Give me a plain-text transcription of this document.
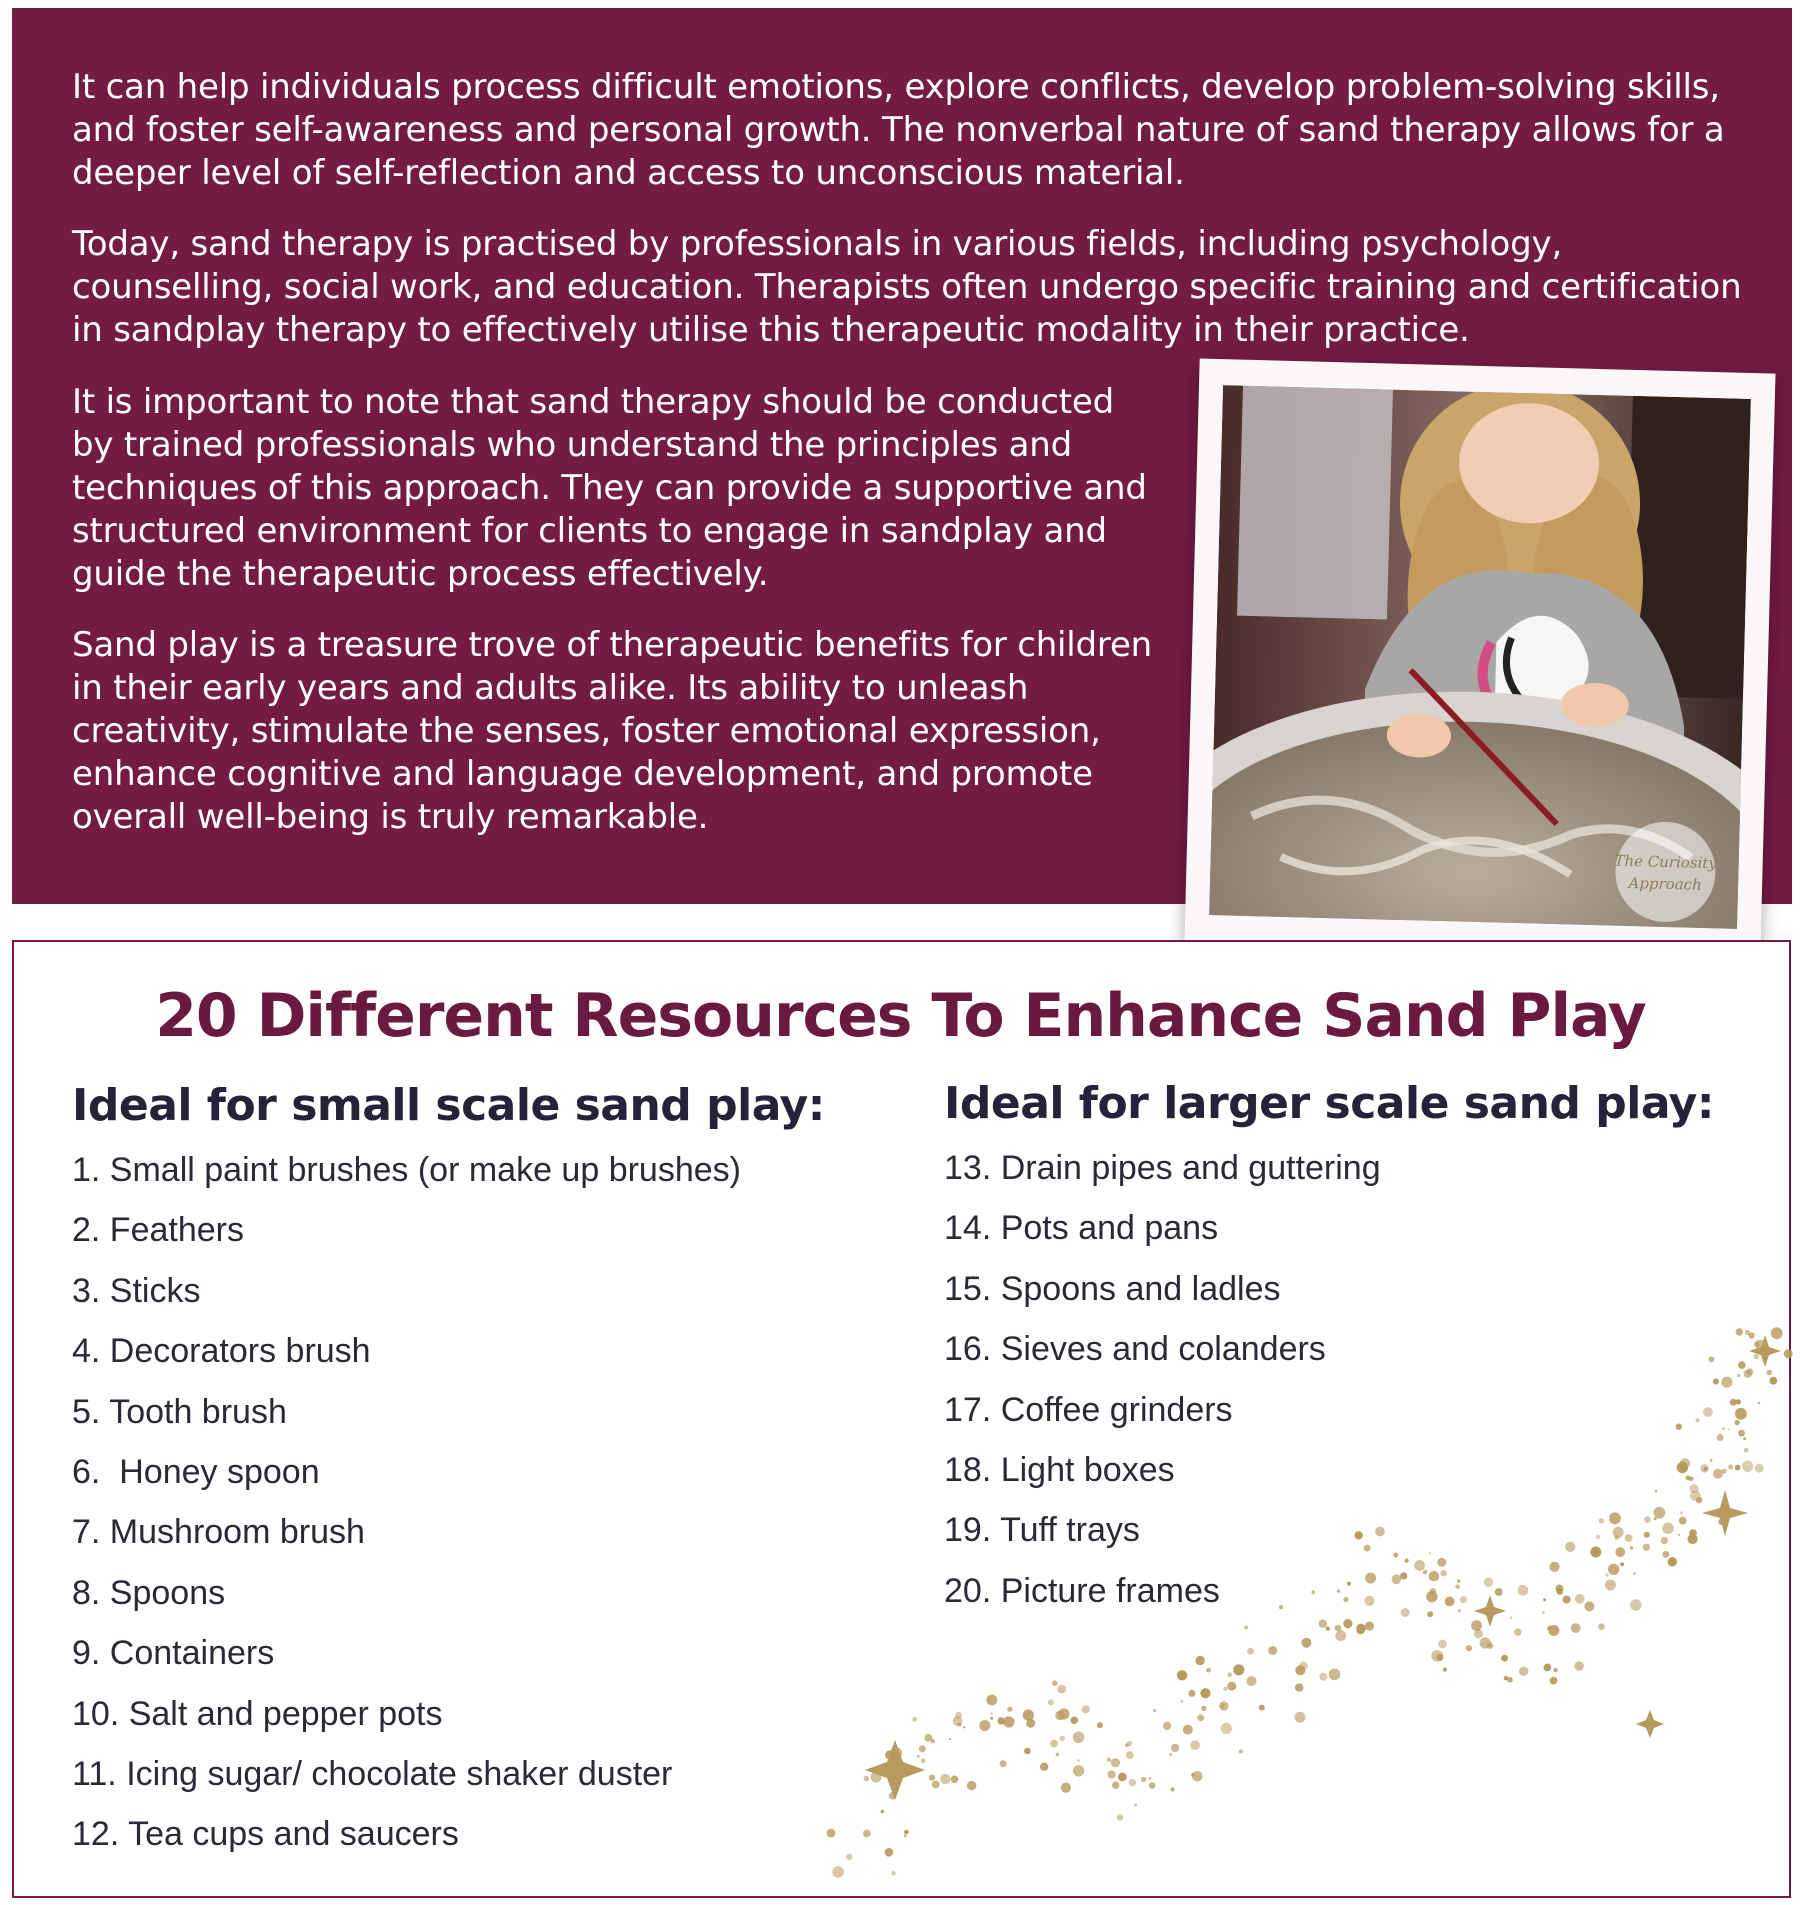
It can help individuals process difficult emotions, explore conflicts, develop problem-solving skills, and foster self-awareness and personal growth. The nonverbal nature of sand therapy allows for a deeper level of self-reflection and access to unconscious material.

Today, sand therapy is practised by professionals in various fields, including psychology, counselling, social work, and education. Therapists often undergo specific training and certification in sandplay therapy to effectively utilise this therapeutic modality in their practice.

It is important to note that sand therapy should be conducted by trained professionals who understand the principles and techniques of this approach. They can provide a supportive and structured environment for clients to engage in sandplay and guide the therapeutic process effectively.

Sand play is a treasure trove of therapeutic benefits for children in their early years and adults alike. Its ability to unleash creativity, stimulate the senses, foster emotional expression, enhance cognitive and language development, and promote overall well-being is truly remarkable.

The Curiosity
Approach
20 Different Resources To Enhance Sand Play
Ideal for small scale sand play:
1. Small paint brushes (or make up brushes)
2. Feathers
3. Sticks
4. Decorators brush
5. Tooth brush
6.  Honey spoon
7. Mushroom brush
8. Spoons
9. Containers
10. Salt and pepper pots
11. Icing sugar/ chocolate shaker duster
12. Tea cups and saucers
Ideal for larger scale sand play:
13. Drain pipes and guttering
14. Pots and pans
15. Spoons and ladles
16. Sieves and colanders
17. Coffee grinders
18. Light boxes
19. Tuff trays
20. Picture frames
